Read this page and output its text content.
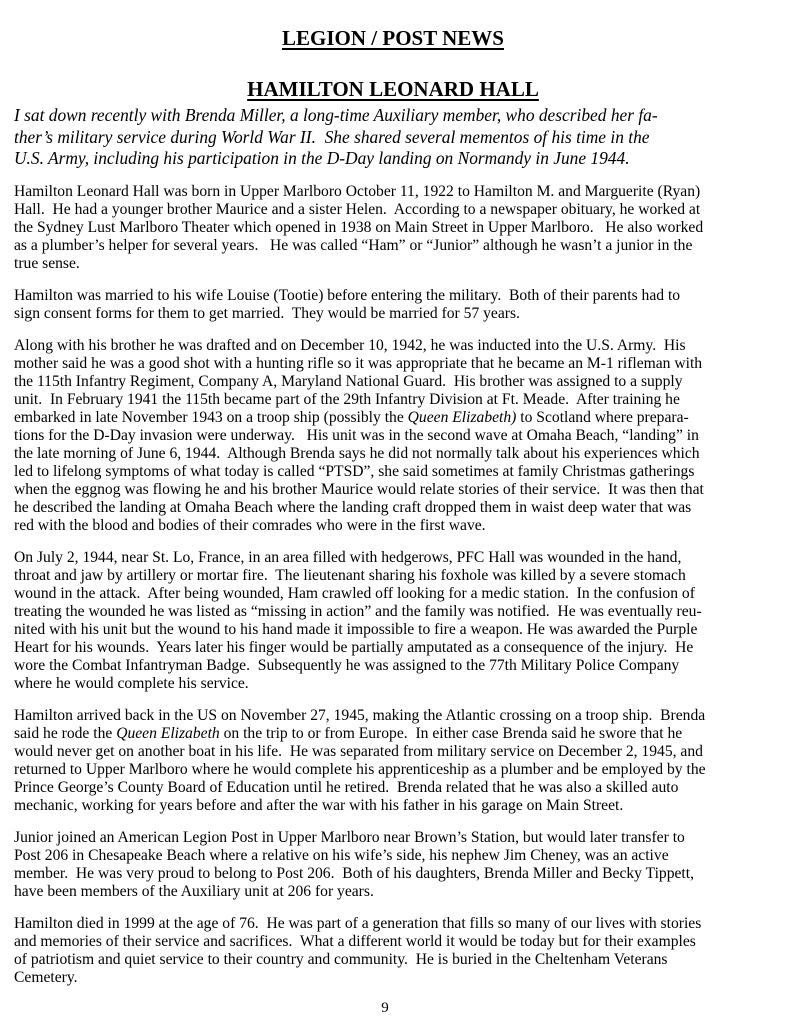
LEGION / POST NEWS
HAMILTON LEONARD HALL
I sat down recently with Brenda Miller, a long-time Auxiliary member, who described her fa-
ther’s military service during World War II.  She shared several mementos of his time in the
U.S. Army, including his participation in the D-Day landing on Normandy in June 1944.
Hamilton Leonard Hall was born in Upper Marlboro October 11, 1922 to Hamilton M. and Marguerite (Ryan)
Hall.  He had a younger brother Maurice and a sister Helen.  According to a newspaper obituary, he worked at
the Sydney Lust Marlboro Theater which opened in 1938 on Main Street in Upper Marlboro.   He also worked
as a plumber’s helper for several years.   He was called “Ham” or “Junior” although he wasn’t a junior in the
true sense.
Hamilton was married to his wife Louise (Tootie) before entering the military.  Both of their parents had to
sign consent forms for them to get married.  They would be married for 57 years.
Along with his brother he was drafted and on December 10, 1942, he was inducted into the U.S. Army.  His
mother said he was a good shot with a hunting rifle so it was appropriate that he became an M-1 rifleman with
the 115th Infantry Regiment, Company A, Maryland National Guard.  His brother was assigned to a supply
unit.  In February 1941 the 115th became part of the 29th Infantry Division at Ft. Meade.  After training he
embarked in late November 1943 on a troop ship (possibly the Queen Elizabeth) to Scotland where prepara-
tions for the D-Day invasion were underway.   His unit was in the second wave at Omaha Beach, “landing” in
the late morning of June 6, 1944.  Although Brenda says he did not normally talk about his experiences which
led to lifelong symptoms of what today is called “PTSD”, she said sometimes at family Christmas gatherings
when the eggnog was flowing he and his brother Maurice would relate stories of their service.  It was then that
he described the landing at Omaha Beach where the landing craft dropped them in waist deep water that was
red with the blood and bodies of their comrades who were in the first wave.
On July 2, 1944, near St. Lo, France, in an area filled with hedgerows, PFC Hall was wounded in the hand,
throat and jaw by artillery or mortar fire.  The lieutenant sharing his foxhole was killed by a severe stomach
wound in the attack.  After being wounded, Ham crawled off looking for a medic station.  In the confusion of
treating the wounded he was listed as “missing in action” and the family was notified.  He was eventually reu-
nited with his unit but the wound to his hand made it impossible to fire a weapon. He was awarded the Purple
Heart for his wounds.  Years later his finger would be partially amputated as a consequence of the injury.  He
wore the Combat Infantryman Badge.  Subsequently he was assigned to the 77th Military Police Company
where he would complete his service.
Hamilton arrived back in the US on November 27, 1945, making the Atlantic crossing on a troop ship.  Brenda
said he rode the Queen Elizabeth on the trip to or from Europe.  In either case Brenda said he swore that he
would never get on another boat in his life.  He was separated from military service on December 2, 1945, and
returned to Upper Marlboro where he would complete his apprenticeship as a plumber and be employed by the
Prince George’s County Board of Education until he retired.  Brenda related that he was also a skilled auto
mechanic, working for years before and after the war with his father in his garage on Main Street.
Junior joined an American Legion Post in Upper Marlboro near Brown’s Station, but would later transfer to
Post 206 in Chesapeake Beach where a relative on his wife’s side, his nephew Jim Cheney, was an active
member.  He was very proud to belong to Post 206.  Both of his daughters, Brenda Miller and Becky Tippett,
have been members of the Auxiliary unit at 206 for years.
Hamilton died in 1999 at the age of 76.  He was part of a generation that fills so many of our lives with stories
and memories of their service and sacrifices.  What a different world it would be today but for their examples
of patriotism and quiet service to their country and community.  He is buried in the Cheltenham Veterans
Cemetery.
9
